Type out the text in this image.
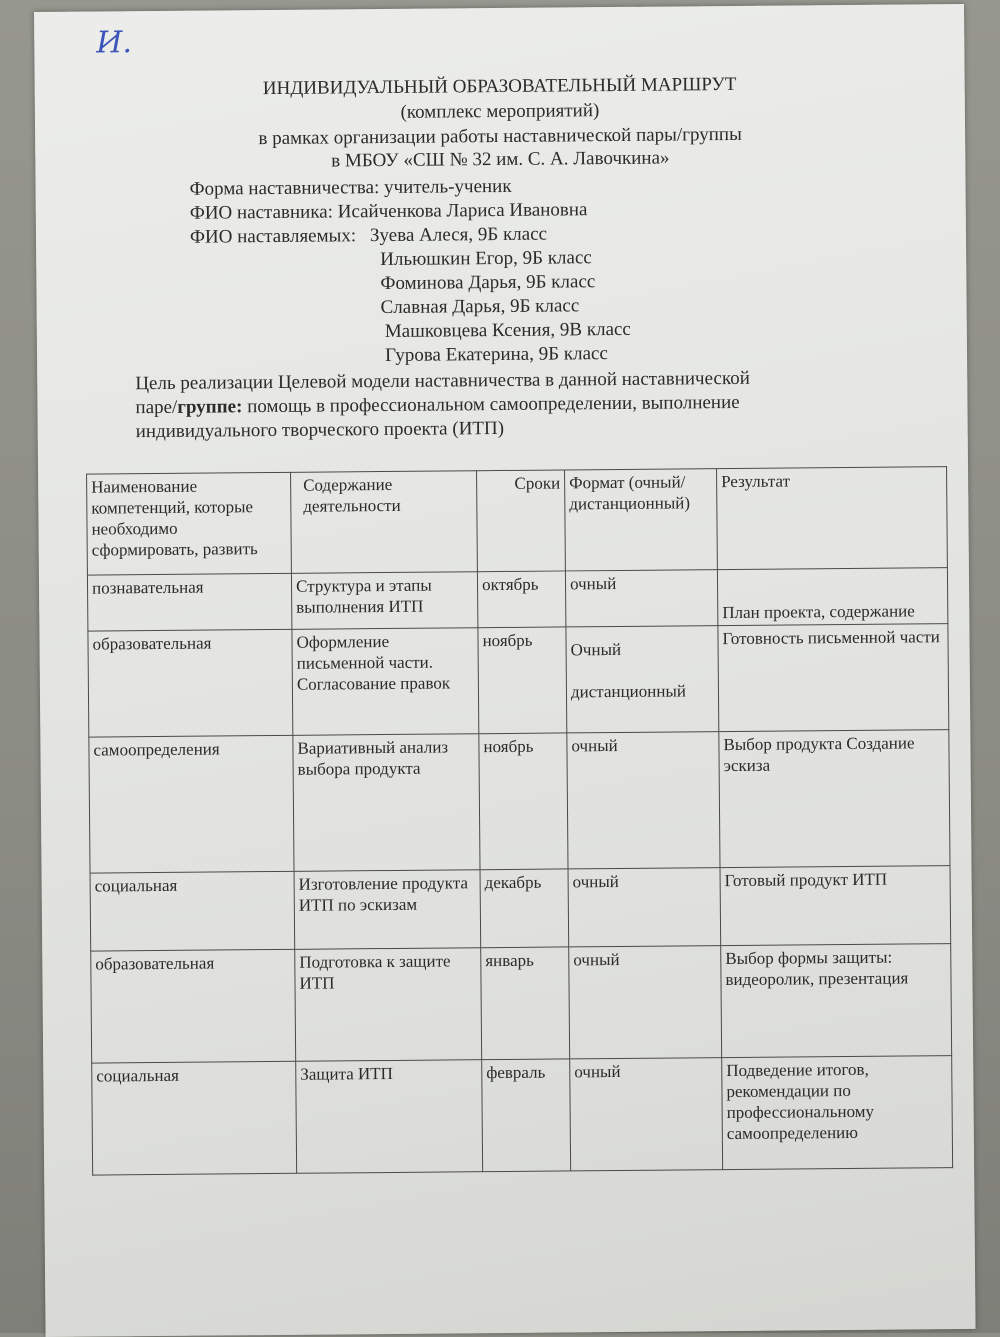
И.
ИНДИВИДУАЛЬНЫЙ ОБРАЗОВАТЕЛЬНЫЙ МАРШРУТ
(комплекс мероприятий)
в рамках организации работы наставнической пары/группы
в МБОУ «СШ № 32 им. С. А. Лавочкина»
Форма наставничества: учитель-ученик
ФИО наставника: Исайченкова Лариса Ивановна
ФИО наставляемых: Зуева Алеся, 9Б класс
Ильюшкин Егор, 9Б класс
Фоминова Дарья, 9Б класс
Славная Дарья, 9Б класс
Машковцева Ксения, 9В класс
Гурова Екатерина, 9Б класс
Цель реализации Целевой модели наставничества в данной наставнической
паре/группе: помощь в профессиональном самоопределении, выполнение
индивидуального творческого проекта (ИТП)
Наименование компетенций, которые необходимо сформировать, развить	Содержание деятельности	Сроки	Формат (очный/дистанционный)	Результат
познавательная	Структура и этапы выполнения ИТП	октябрь	очный	План проекта, содержание
образовательная	Оформление письменной части. Согласование правок	ноябрь	Очный дистанционный	Готовность письменной части
самоопределения	Вариативный анализ выбора продукта	ноябрь	очный	Выбор продукта Создание эскиза
социальная	Изготовление продукта ИТП по эскизам	декабрь	очный	Готовый продукт ИТП
образовательная	Подготовка к защите ИТП	январь	очный	Выбор формы защиты: видеоролик, презентация
социальная	Защита ИТП	февраль	очный	Подведение итогов, рекомендации по профессиональному самоопределению
